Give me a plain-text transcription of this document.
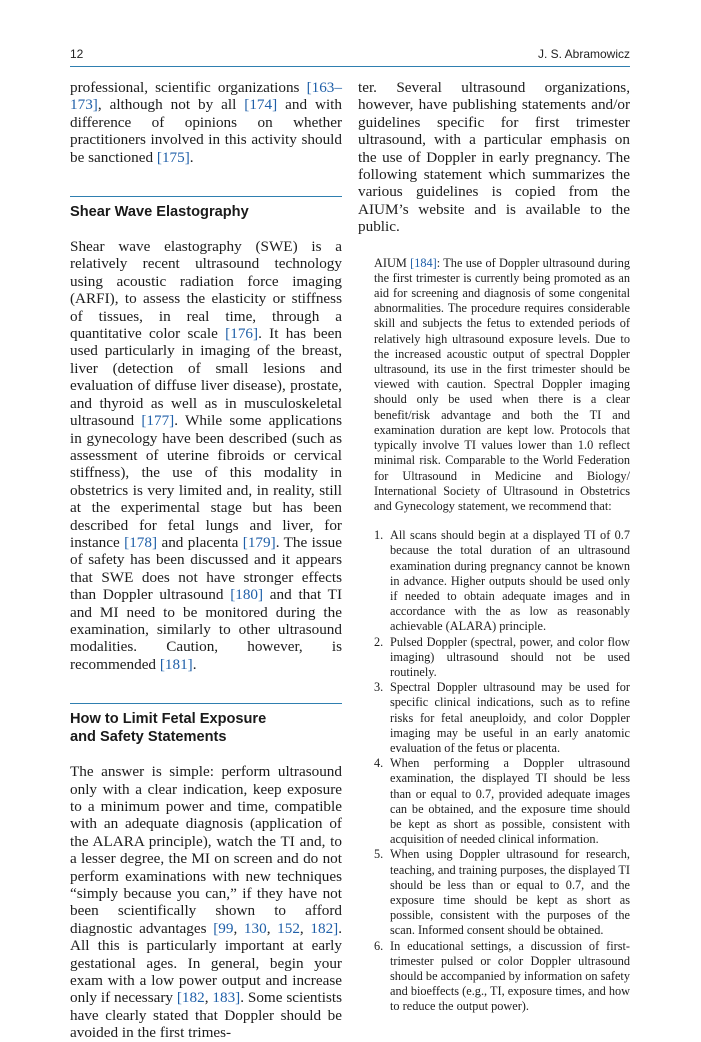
12	J. S. Abramowicz

professional, scientific organizations [163–173], although not by all [174] and with difference of opinions on whether practitioners involved in this activity should be sanctioned [175].

Shear Wave Elastography

Shear wave elastography (SWE) is a relatively recent ultrasound technology using acoustic radiation force imaging (ARFI), to assess the elasticity or stiffness of tissues, in real time, through a quantitative color scale [176]. It has been used particularly in imaging of the breast, liver (detection of small lesions and evaluation of diffuse liver disease), prostate, and thyroid as well as in musculoskeletal ultrasound [177]. While some applications in gynecology have been described (such as assessment of uterine fibroids or cervical stiffness), the use of this modality in obstetrics is very limited and, in reality, still at the experimental stage but has been described for fetal lungs and liver, for instance [178] and placenta [179]. The issue of safety has been discussed and it appears that SWE does not have stronger effects than Doppler ultrasound [180] and that TI and MI need to be monitored during the examination, similarly to other ultrasound modalities. Caution, however, is recommended [181].

How to Limit Fetal Exposure
and Safety Statements

The answer is simple: perform ultrasound only with a clear indication, keep exposure to a minimum power and time, compatible with an adequate diagnosis (application of the ALARA principle), watch the TI and, to a lesser degree, the MI on screen and do not perform examinations with new techniques “simply because you can,” if they have not been scientifically shown to afford diagnostic advantages [99, 130, 152, 182]. All this is particularly important at early gestational ages. In general, begin your exam with a low power output and increase only if necessary [182, 183]. Some scientists have clearly stated that Doppler should be avoided in the first trimes-

ter. Several ultrasound organizations, however, have publishing statements and/or guidelines specific for first trimester ultrasound, with a particular emphasis on the use of Doppler in early pregnancy. The following statement which summarizes the various guidelines is copied from the AIUM’s website and is available to the public.

AIUM [184]: The use of Doppler ultrasound during the first trimester is currently being promoted as an aid for screening and diagnosis of some congenital abnormalities. The procedure requires considerable skill and subjects the fetus to extended periods of relatively high ultrasound exposure levels. Due to the increased acoustic output of spectral Doppler ultrasound, its use in the first trimester should be viewed with caution. Spectral Doppler imaging should only be used when there is a clear benefit/risk advantage and both the TI and examination duration are kept low. Protocols that typically involve TI values lower than 1.0 reflect minimal risk. Comparable to the World Federation for Ultrasound in Medicine and Biology/ International Society of Ultrasound in Obstetrics and Gynecology statement, we recommend that:
1. All scans should begin at a displayed TI of 0.7 because the total duration of an ultrasound examination during pregnancy cannot be known in advance. Higher outputs should be used only if needed to obtain adequate images and in accordance with the as low as reasonably achievable (ALARA) principle.
2. Pulsed Doppler (spectral, power, and color flow imaging) ultrasound should not be used routinely.
3. Spectral Doppler ultrasound may be used for specific clinical indications, such as to refine risks for fetal aneuploidy, and color Doppler imaging may be useful in an early anatomic evaluation of the fetus or placenta.
4. When performing a Doppler ultrasound examination, the displayed TI should be less than or equal to 0.7, provided adequate images can be obtained, and the exposure time should be kept as short as possible, consistent with acquisition of needed clinical information.
5. When using Doppler ultrasound for research, teaching, and training purposes, the displayed TI should be less than or equal to 0.7, and the exposure time should be kept as short as possible, consistent with the purposes of the scan. Informed consent should be obtained.
6. In educational settings, a discussion of first-trimester pulsed or color Doppler ultrasound should be accompanied by information on safety and bioeffects (e.g., TI, exposure times, and how to reduce the output power).
